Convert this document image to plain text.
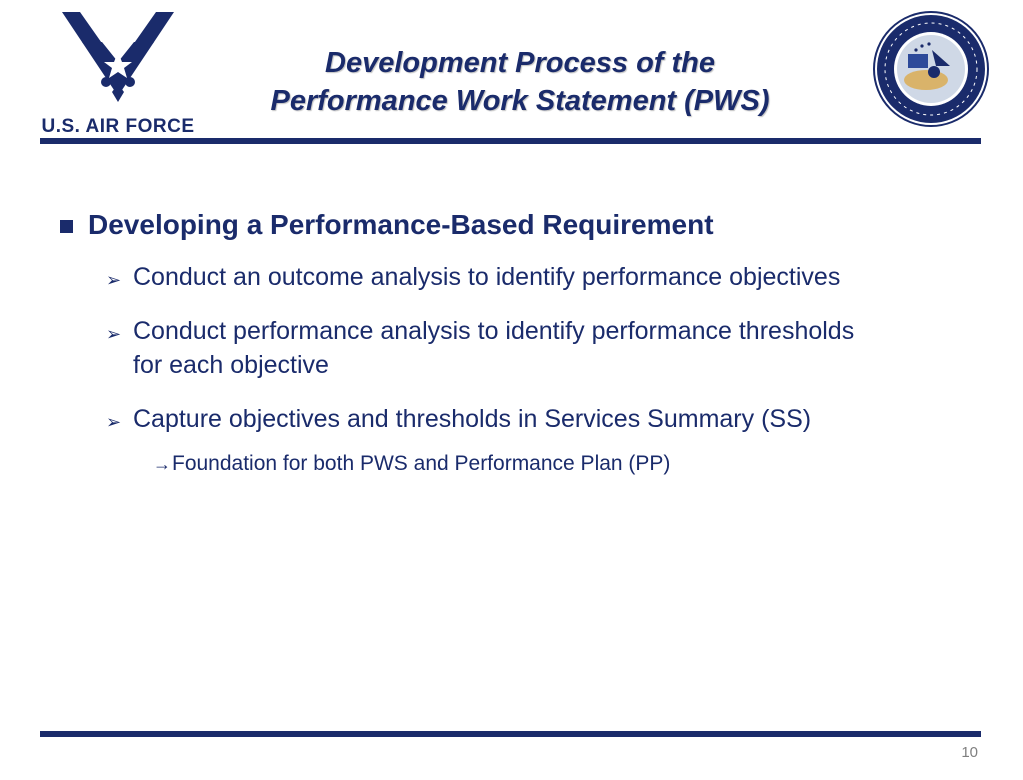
U.S. AIR FORCE
Development Process of the
Performance Work Statement (PWS)
Developing a Performance-Based Requirement
➢ Conduct an outcome analysis to identify performance objectives
➢ Conduct performance analysis to identify performance thresholds for each objective
➢ Capture objectives and thresholds in Services Summary (SS)
→ Foundation for both PWS and Performance Plan (PP)
10
